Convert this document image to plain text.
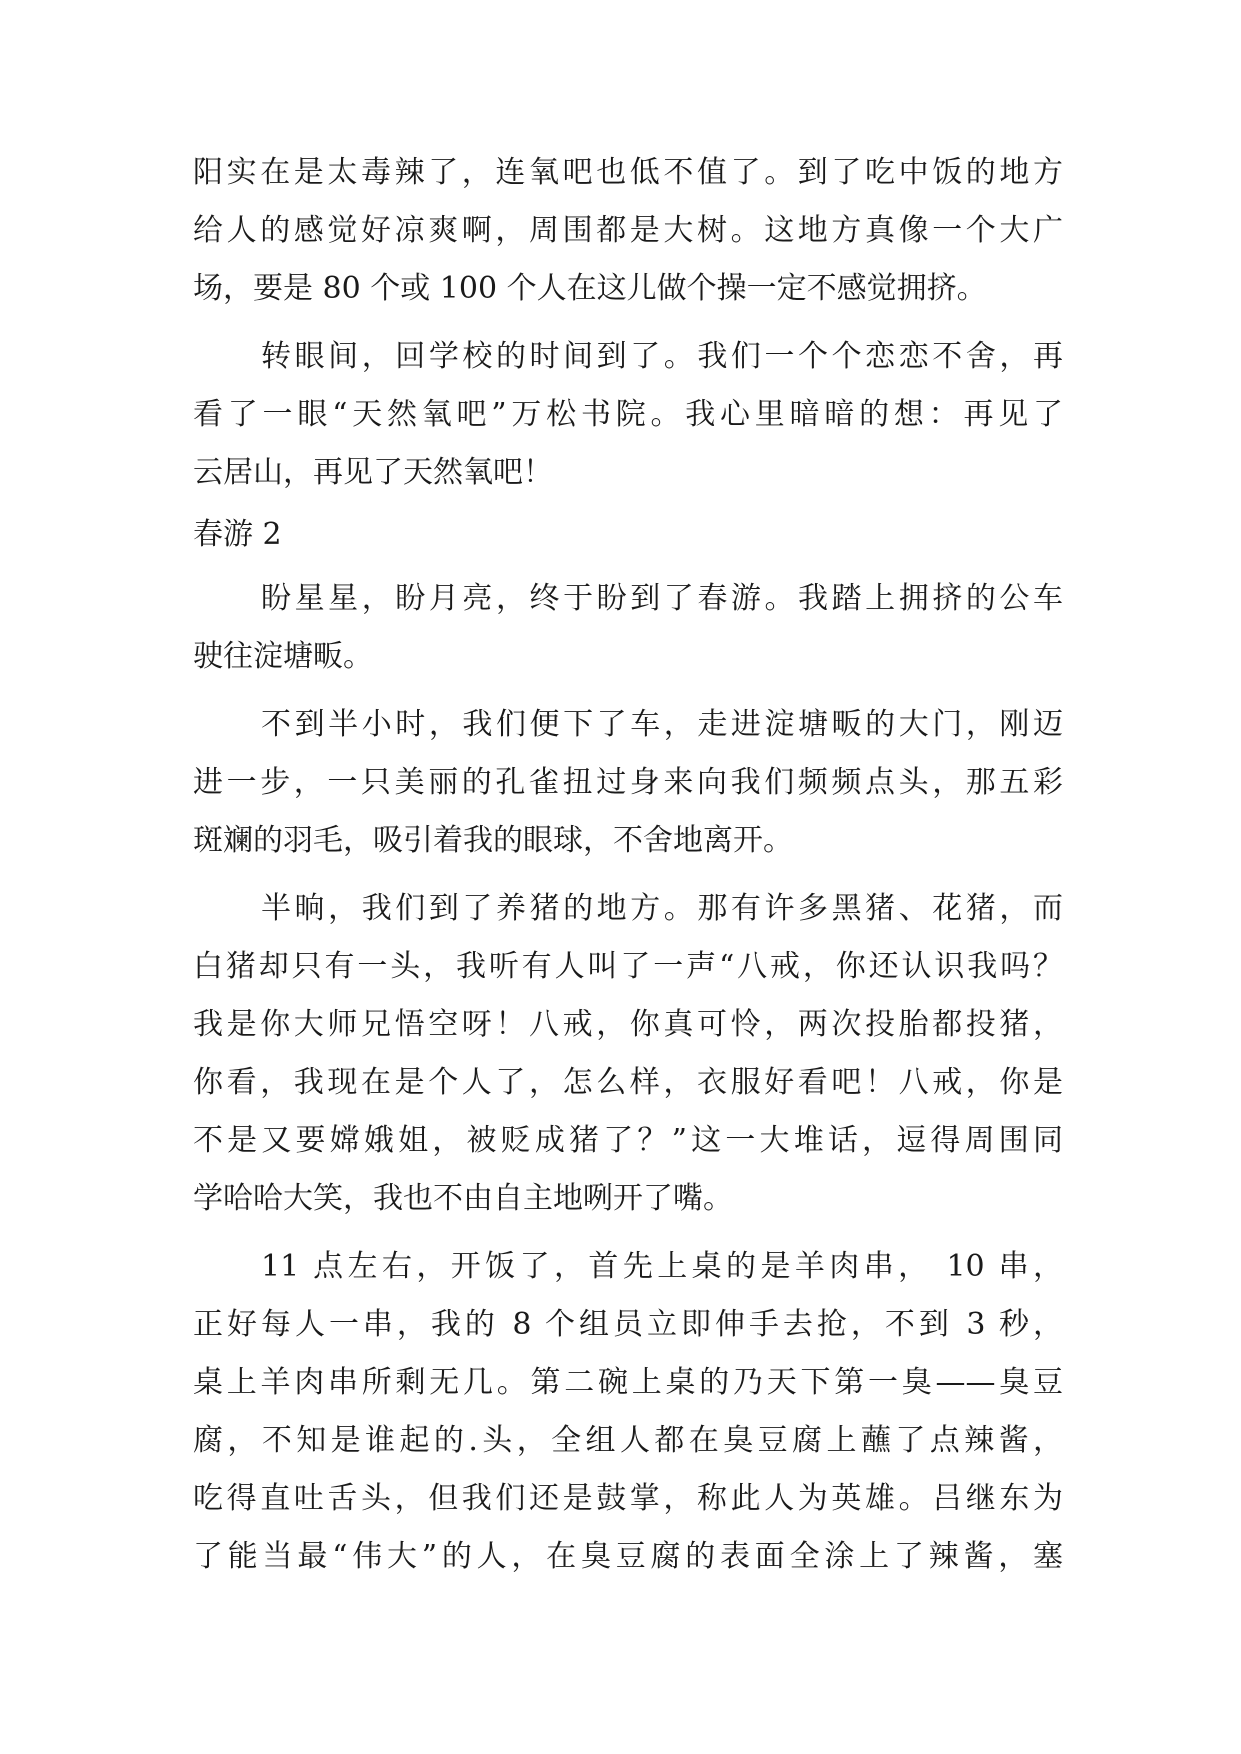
阳实在是太毒辣了，连氧吧也低不值了。到了吃中饭的地方
给人的感觉好凉爽啊，周围都是大树。这地方真像一个大广
场，要是 80 个或 100 个人在这儿做个操一定不感觉拥挤。
转眼间，回学校的时间到了。我们一个个恋恋不舍，再
看了一眼“天然氧吧”万松书院。我心里暗暗的想：再见了
云居山，再见了天然氧吧！
春游 2
盼星星，盼月亮，终于盼到了春游。我踏上拥挤的公车
驶往淀塘畈。
不到半小时，我们便下了车，走进淀塘畈的大门，刚迈
进一步，一只美丽的孔雀扭过身来向我们频频点头，那五彩
斑斓的羽毛，吸引着我的眼球，不舍地离开。
半晌，我们到了养猪的地方。那有许多黑猪、花猪，而
白猪却只有一头，我听有人叫了一声“八戒，你还认识我吗？
我是你大师兄悟空呀！八戒，你真可怜，两次投胎都投猪，
你看，我现在是个人了，怎么样，衣服好看吧！八戒，你是
不是又要嫦娥姐，被贬成猪了？”这一大堆话，逗得周围同
学哈哈大笑，我也不由自主地咧开了嘴。
11 点左右，开饭了，首先上桌的是羊肉串， 10 串，
正好每人一串，我的 8 个组员立即伸手去抢，不到 3 秒，
桌上羊肉串所剩无几。第二碗上桌的乃天下第一臭——臭豆
腐，不知是谁起的.头，全组人都在臭豆腐上蘸了点辣酱，
吃得直吐舌头，但我们还是鼓掌，称此人为英雄。吕继东为
了能当最“伟大”的人，在臭豆腐的表面全涂上了辣酱，塞
